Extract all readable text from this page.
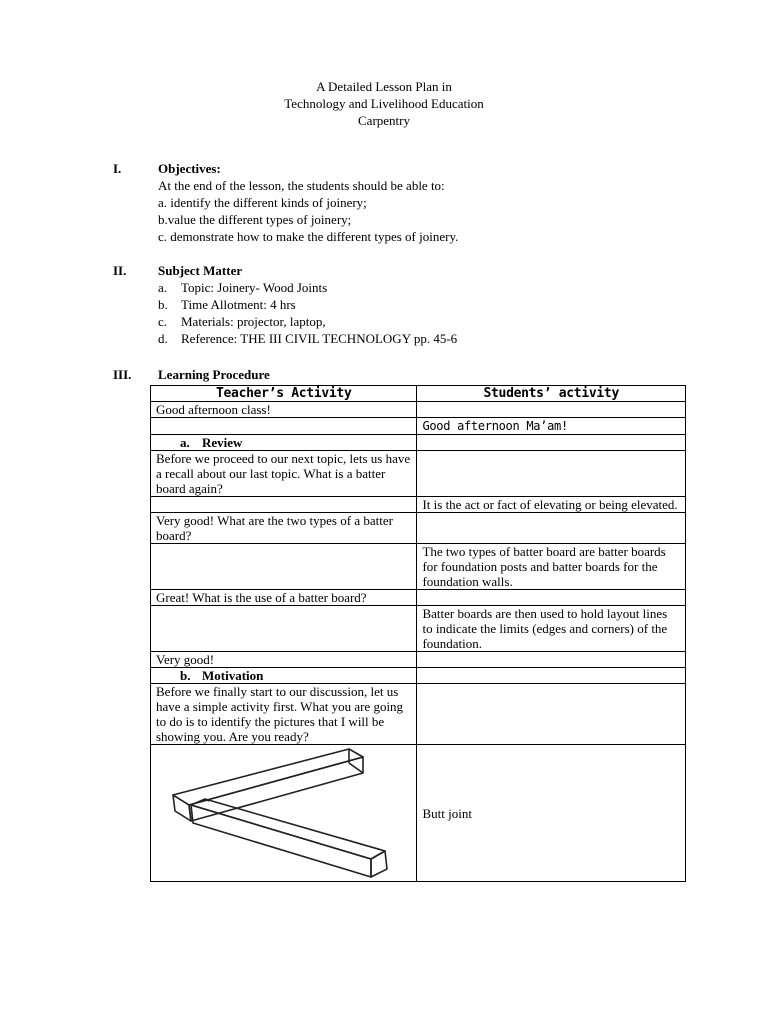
A Detailed Lesson Plan in
Technology and Livelihood Education
Carpentry
I.	Objectives:
At the end of the lesson, the students should be able to:
a. identify the different kinds of joinery;
b.value the different types of joinery;
c. demonstrate how to make the different types of joinery.
II.	Subject Matter
a. Topic: Joinery- Wood Joints
b. Time Allotment: 4 hrs
c. Materials: projector, laptop,
d. Reference: THE III CIVIL TECHNOLOGY pp. 45-6
III.	Learning Procedure
Teacher’s Activity	Students’ activity
Good afternoon class!	
	Good afternoon Ma’am!
a. Review	
Before we proceed to our next topic, lets us have a recall about our last topic. What is a batter board again?	
	It is the act or fact of elevating or being elevated.
Very good! What are the two types of a batter board?	
	The two types of batter board are batter boards for foundation posts and batter boards for the foundation walls.
Great! What is the use of a batter board?	
	Batter boards are then used to hold layout lines to indicate the limits (edges and corners) of the foundation.
Very good!	
b. Motivation	
Before we finally start to our discussion, let us have a simple activity first. What you are going to do is to identify the pictures that I will be showing you. Are you ready?	

	Butt joint
